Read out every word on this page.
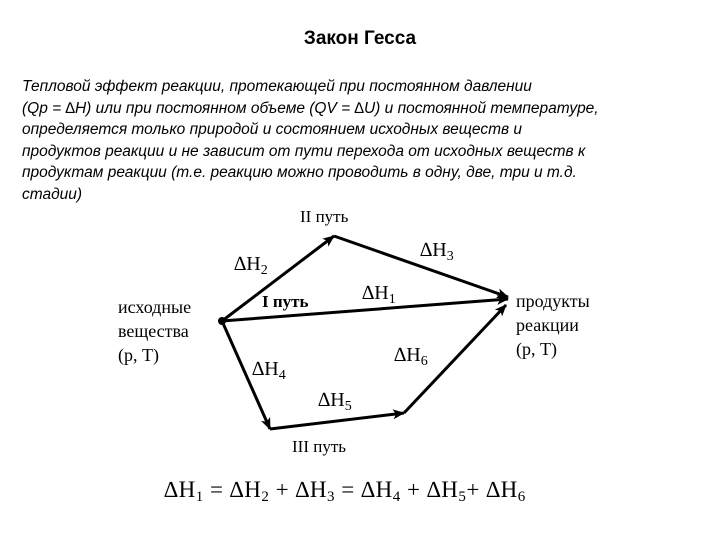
Закон Гесса
Тепловой эффект реакции, протекающей при постоянном давлении
(Qp = ∆H) или при постоянном объеме (QV = ∆U) и постоянной температуре,
определяется только природой и состоянием исходных веществ и
продуктов реакции и не зависит от пути перехода от исходных веществ к
продуктам реакции (т.е. реакцию можно проводить в одну, две, три и т.д.
стадии)
II путь
I путь
III путь
исходные вещества (р, Т)
продукты реакции (р, Т)
$\Delta H_2$
$\Delta H_3$
$\Delta H_1$
$\Delta H_4$
$\Delta H_6$
$\Delta H_5$
∆H1 = ∆H2 + ∆H3 = ∆H4 + ∆H5+ ∆H6
